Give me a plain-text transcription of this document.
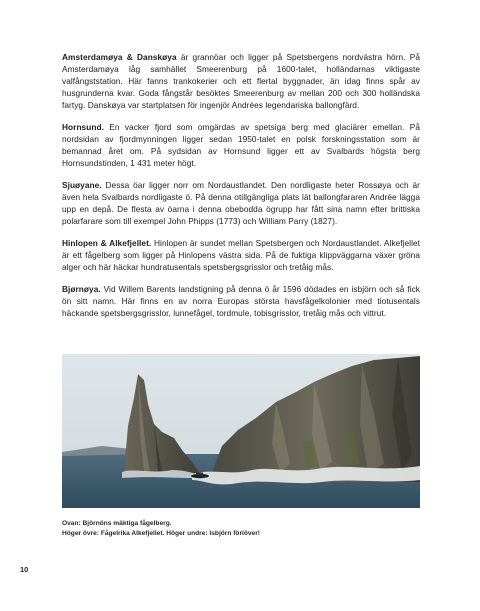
Amsterdamøya & Danskøya är grannöar och ligger på Spetsbergens nordvästra hörn. På Amsterdamøya låg samhället Smeerenburg på 1600-talet, holländarnas viktigaste valfångststation. Här fanns trankokerier och ett flertal byggnader, än idag finns spår av husgrunderna kvar. Goda fångstår besöktes Smeerenburg av mellan 200 och 300 holländska fartyg. Danskøya var startplatsen för ingenjör Andrées legendariska ballongfärd.

Hornsund. En vacker fjord som omgärdas av spetsiga berg med glaciärer emellan. På nordsidan av fjordmynningen ligger sedan 1950-talet en polsk forskningsstation som är bemannad året om. På sydsidan av Hornsund ligger ett av Svalbards högsta berg Hornsundstinden, 1 431 meter högt.

Sjuøyane. Dessa öar ligger norr om Nordaustlandet. Den nordligaste heter Rossøya och är även hela Svalbards nordligaste ö. På denna otillgängliga plats lät ballongfararen Andrée lägga upp en depå. De flesta av öarna i denna obebodda ögrupp har fått sina namn efter brittiska polarfarare som till exempel John Phipps (1773) och William Parry (1827).

Hinlopen & Alkefjellet. Hinlopen är sundet mellan Spetsbergen och Nordaustlandet. Alkefjellet är ett fågelberg som ligger på Hinlopens västra sida. På de fuktiga klippväggarna växer gröna alger och här häckar hundratusentals spetsbergsgrisslor och tretåig mås.

Bjørnøya. Vid Willem Barents landstigning på denna ö år 1596 dödades en isbjörn och så fick ön sitt namn. Här finns en av norra Europas största havsfågelkolonier med tiotusentals häckande spetsbergsgrisslor, lunnefågel, tordmule, tobisgrisslor, tretåig mås och vittrut.

Ovan: Björnöns mäktiga fågelberg.
Höger övre: Fågelrika Alkefjellet. Höger undre: Isbjörn förlöver!
10
